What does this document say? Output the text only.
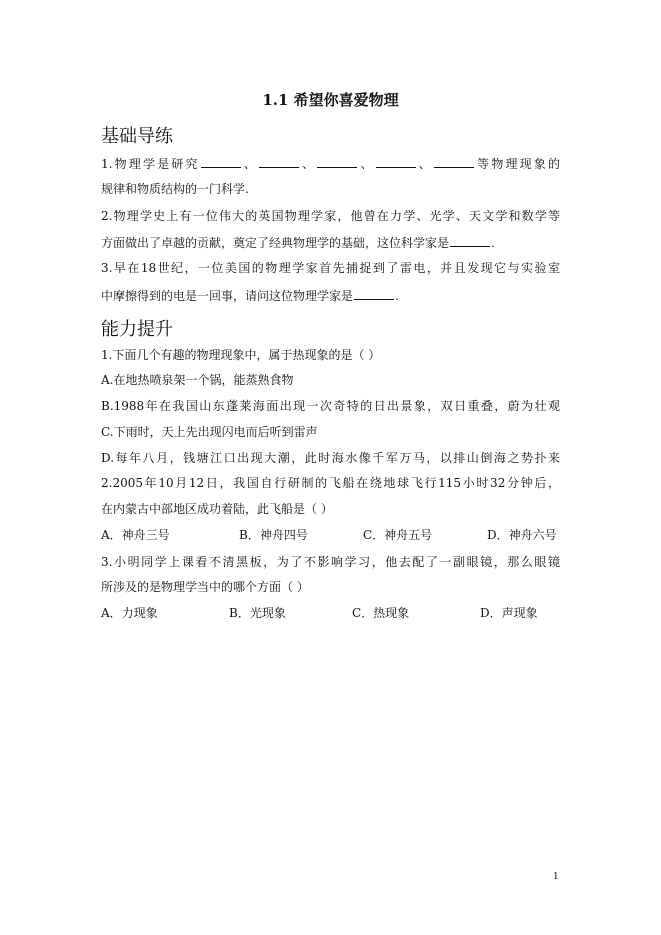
1.1 希望你喜爱物理
基础导练
1.物理学是研究	、	、	、	、	等物理现象的
规律和物质结构的一门科学.
2.物理学史上有一位伟大的英国物理学家，他曾在力学、光学、天文学和数学等
方面做出了卓越的贡献，奠定了经典物理学的基础，这位科学家是	.
3.早在18世纪，一位美国的物理学家首先捕捉到了雷电，并且发现它与实验室
中摩擦得到的电是一回事，请问这位物理学家是	.
能力提升
1.下面几个有趣的物理现象中，属于热现象的是（ ）
A.在地热喷泉架一个锅，能蒸熟食物
B.1988年在我国山东蓬莱海面出现一次奇特的日出景象，双日重叠，蔚为壮观
C.下雨时，天上先出现闪电而后听到雷声
D.每年八月，钱塘江口出现大潮，此时海水像千军万马，以排山倒海之势扑来
2.2005年10月12日，我国自行研制的飞船在绕地球飞行115小时32分钟后，
在内蒙古中部地区成功着陆，此飞船是（ ）
A．神舟三号	B．神舟四号	C．神舟五号	D．神舟六号
3.小明同学上课看不清黑板，为了不影响学习，他去配了一副眼镜，那么眼镜
所涉及的是物理学当中的哪个方面（ ）
A．力现象	B．光现象	C．热现象	D．声现象
1
